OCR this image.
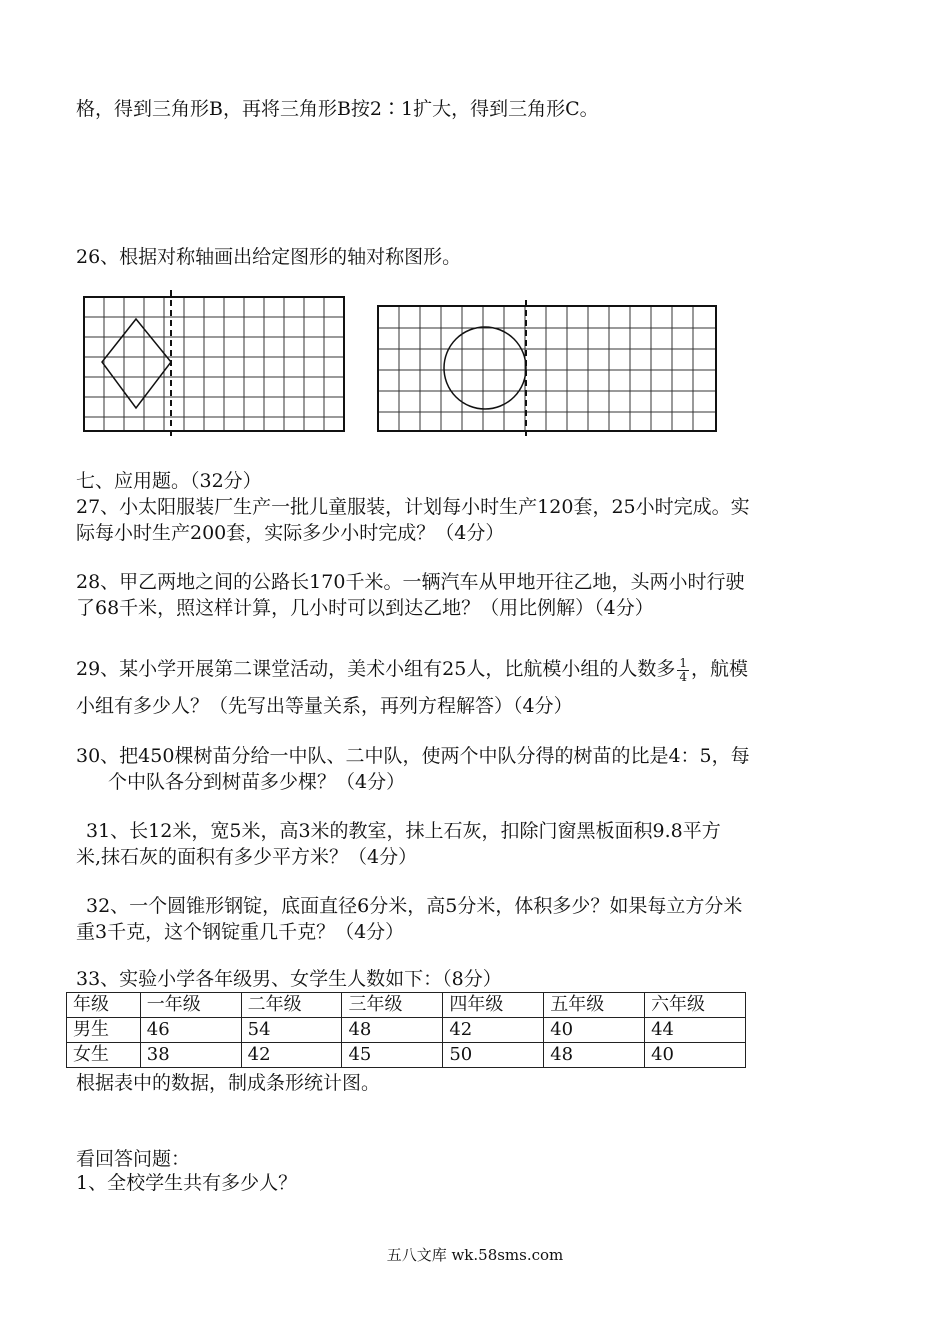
格，得到三角形B，再将三角形B按2∶1扩大，得到三角形C。
26、根据对称轴画出给定图形的轴对称图形。
七、应用题。（32分）
27、小太阳服装厂生产一批儿童服装，计划每小时生产120套，25小时完成。实
际每小时生产200套，实际多少小时完成？（4分）
28、甲乙两地之间的公路长170千米。一辆汽车从甲地开往乙地，头两小时行驶
了68千米，照这样计算，几小时可以到达乙地？（用比例解）（4分）
29、某小学开展第二课堂活动，美术小组有25人，比航模小组的人数多 $\frac{1}{4}$ ，航模
小组有多少人？（先写出等量关系，再列方程解答）（4分）
30、把450棵树苗分给一中队、二中队，使两个中队分得的树苗的比是4：5，每
个中队各分到树苗多少棵？（4分）
31、长12米，宽5米，高3米的教室，抹上石灰，扣除门窗黑板面积9.8平方
米,抹石灰的面积有多少平方米？（4分）
32、一个圆锥形钢锭，底面直径6分米，高5分米，体积多少？如果每立方分米
重3千克，这个钢锭重几千克？（4分）
33、实验小学各年级男、女学生人数如下：（8分）
年级	一年级	二年级	三年级	四年级	五年级	六年级
男生	46	54	48	42	40	44
女生	38	42	45	50	48	40
根据表中的数据，制成条形统计图。
看回答问题：
1、全校学生共有多少人？
五八文库 wk.58sms.com
